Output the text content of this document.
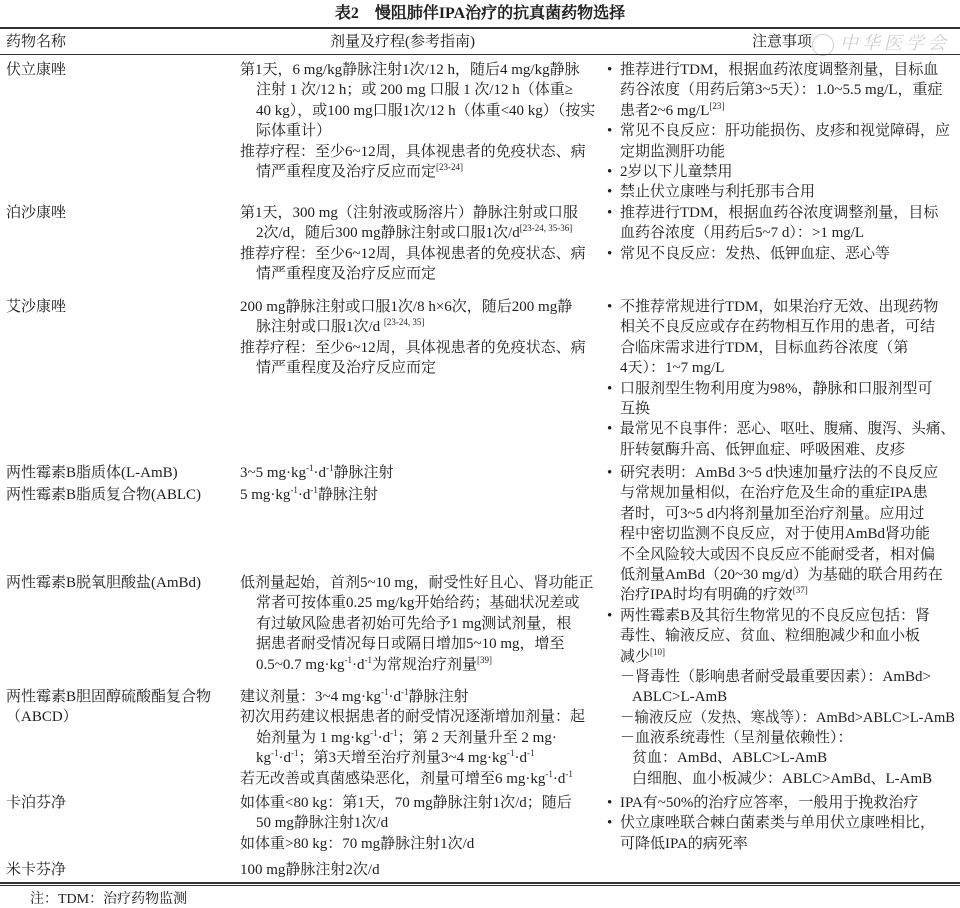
表2　慢阻肺伴IPA治疗的抗真菌药物选择
中华医学会
药物名称	剂量及疗程(参考指南)	注意事项
伏立康唑
泊沙康唑
艾沙康唑
两性霉素B脂质体(L-AmB)
两性霉素B脂质复合物(ABLC)
两性霉素B脱氧胆酸盐(AmBd)
两性霉素B胆固醇硫酸酯复合物
（ABCD）
卡泊芬净
米卡芬净
第1天，6 mg/kg静脉注射1次/12 h，随后4 mg/kg静脉
注射 1 次/12 h；或 200 mg 口服 1 次/12 h（体重≥
40 kg），或100 mg口服1次/12 h（体重<40 kg）（按实
际体重计）
推荐疗程：至少6~12周，具体视患者的免疫状态、病
情严重程度及治疗反应而定[23-24]
第1天，300 mg（注射液或肠溶片）静脉注射或口服
2次/d，随后300 mg静脉注射或口服1次/d[23-24, 35-36]
推荐疗程：至少6~12周，具体视患者的免疫状态、病
情严重程度及治疗反应而定
200 mg静脉注射或口服1次/8 h×6次，随后200 mg静
脉注射或口服1次/d [23-24, 35]
推荐疗程：至少6~12周，具体视患者的免疫状态、病
情严重程度及治疗反应而定
3~5 $mg\cdot kg^{-1}\cdot d^{-1}$静脉注射
5 $mg\cdot kg^{-1}\cdot d^{-1}$静脉注射
低剂量起始，首剂5~10 mg，耐受性好且心、肾功能正
常者可按体重0.25 mg/kg开始给药；基础状况差或
有过敏风险患者初始可先给予1 mg测试剂量，根
据患者耐受情况每日或隔日增加5~10 mg，增至
0.5~0.7 $mg\cdot kg^{-1}\cdot d^{-1}$为常规治疗剂量[39]
建议剂量：3~4 $mg\cdot kg^{-1}\cdot d^{-1}$静脉注射
初次用药建议根据患者的耐受情况逐渐增加剂量：起
始剂量为 1 $mg\cdot kg^{-1}\cdot d^{-1}$；第 2 天剂量升至 2 mg·
$kg^{-1}\cdot d^{-1}$；第3天增至治疗剂量3~4 $mg\cdot kg^{-1}\cdot d^{-1}$
若无改善或真菌感染恶化，剂量可增至6 $mg\cdot kg^{-1}\cdot d^{-1}$
如体重<80 kg：第1天，70 mg静脉注射1次/d；随后
50 mg静脉注射1次/d
如体重>80 kg：70 mg静脉注射1次/d
100 mg静脉注射2次/d
• 推荐进行TDM，根据血药浓度调整剂量，目标血
药谷浓度（用药后第3~5天）：1.0~5.5 mg/L，重症
患者2~6 mg/L[23]
• 常见不良反应：肝功能损伤、皮疹和视觉障碍，应
定期监测肝功能
• 2岁以下儿童禁用
• 禁止伏立康唑与利托那韦合用
• 推荐进行TDM，根据血药谷浓度调整剂量，目标
血药谷浓度（用药后5~7 d）：>1 mg/L
• 常见不良反应：发热、低钾血症、恶心等
• 不推荐常规进行TDM，如果治疗无效、出现药物
相关不良反应或存在药物相互作用的患者，可结
合临床需求进行TDM，目标血药谷浓度（第
4天）：1~7 mg/L
• 口服剂型生物利用度为98%，静脉和口服剂型可
互换
• 最常见不良事件：恶心、呕吐、腹痛、腹泻、头痛、
肝转氨酶升高、低钾血症、呼吸困难、皮疹
• 研究表明：AmBd 3~5 d快速加量疗法的不良反应
与常规加量相似，在治疗危及生命的重症IPA患
者时，可3~5 d内将剂量加至治疗剂量。应用过
程中密切监测不良反应，对于使用AmBd肾功能
不全风险较大或因不良反应不能耐受者，相对偏
低剂量AmBd（20~30 mg/d）为基础的联合用药在
治疗IPA时均有明确的疗效[37]
• 两性霉素B及其衍生物常见的不良反应包括：肾
毒性、输液反应、贫血、粒细胞减少和血小板
减少[10]
－肾毒性（影响患者耐受最重要因素）：AmBd>
ABLC>L-AmB
－输液反应（发热、寒战等）：AmBd>ABLC>L-AmB
－血液系统毒性（呈剂量依赖性）：
贫血：AmBd、ABLC>L-AmB
白细胞、血小板减少：ABLC>AmBd、L-AmB
• IPA有~50%的治疗应答率，一般用于挽救治疗
• 伏立康唑联合棘白菌素类与单用伏立康唑相比，
可降低IPA的病死率
注：TDM：治疗药物监测
